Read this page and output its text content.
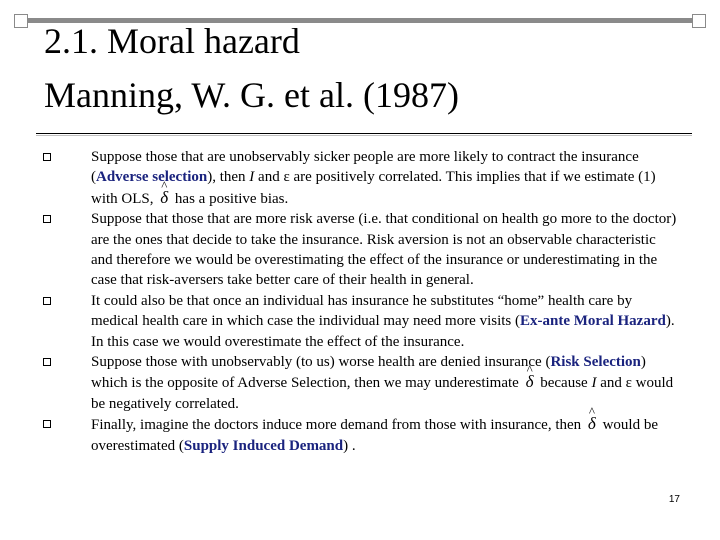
2.1. Moral hazard
Manning, W. G. et al. (1987)
Suppose those that are unobservably sicker people are more likely to contract the insurance (Adverse selection), then I and ε are positively correlated. This implies that if we estimate (1) with OLS, ^ δ has a positive bias.
Suppose that those that are more risk averse (i.e. that conditional on health go more to the doctor) are the ones that decide to take the insurance. Risk aversion is not an observable characteristic and therefore we would be overestimating the effect of the insurance or underestimating in the case that risk-aversers take better care of their health in general.
It could also be that once an individual has insurance he substitutes “home” health care by medical health care in which case the individual may need more visits (Ex-ante Moral Hazard). In this case we would overestimate the effect of the insurance.
Suppose those with unobservably (to us) worse health are denied insurance (Risk Selection) which is the opposite of Adverse Selection, then we may underestimate ^ δ because I and ε would be negatively correlated.
Finally, imagine the doctors induce more demand from those with insurance, then ^ δ would be overestimated (Supply Induced Demand) .
17
